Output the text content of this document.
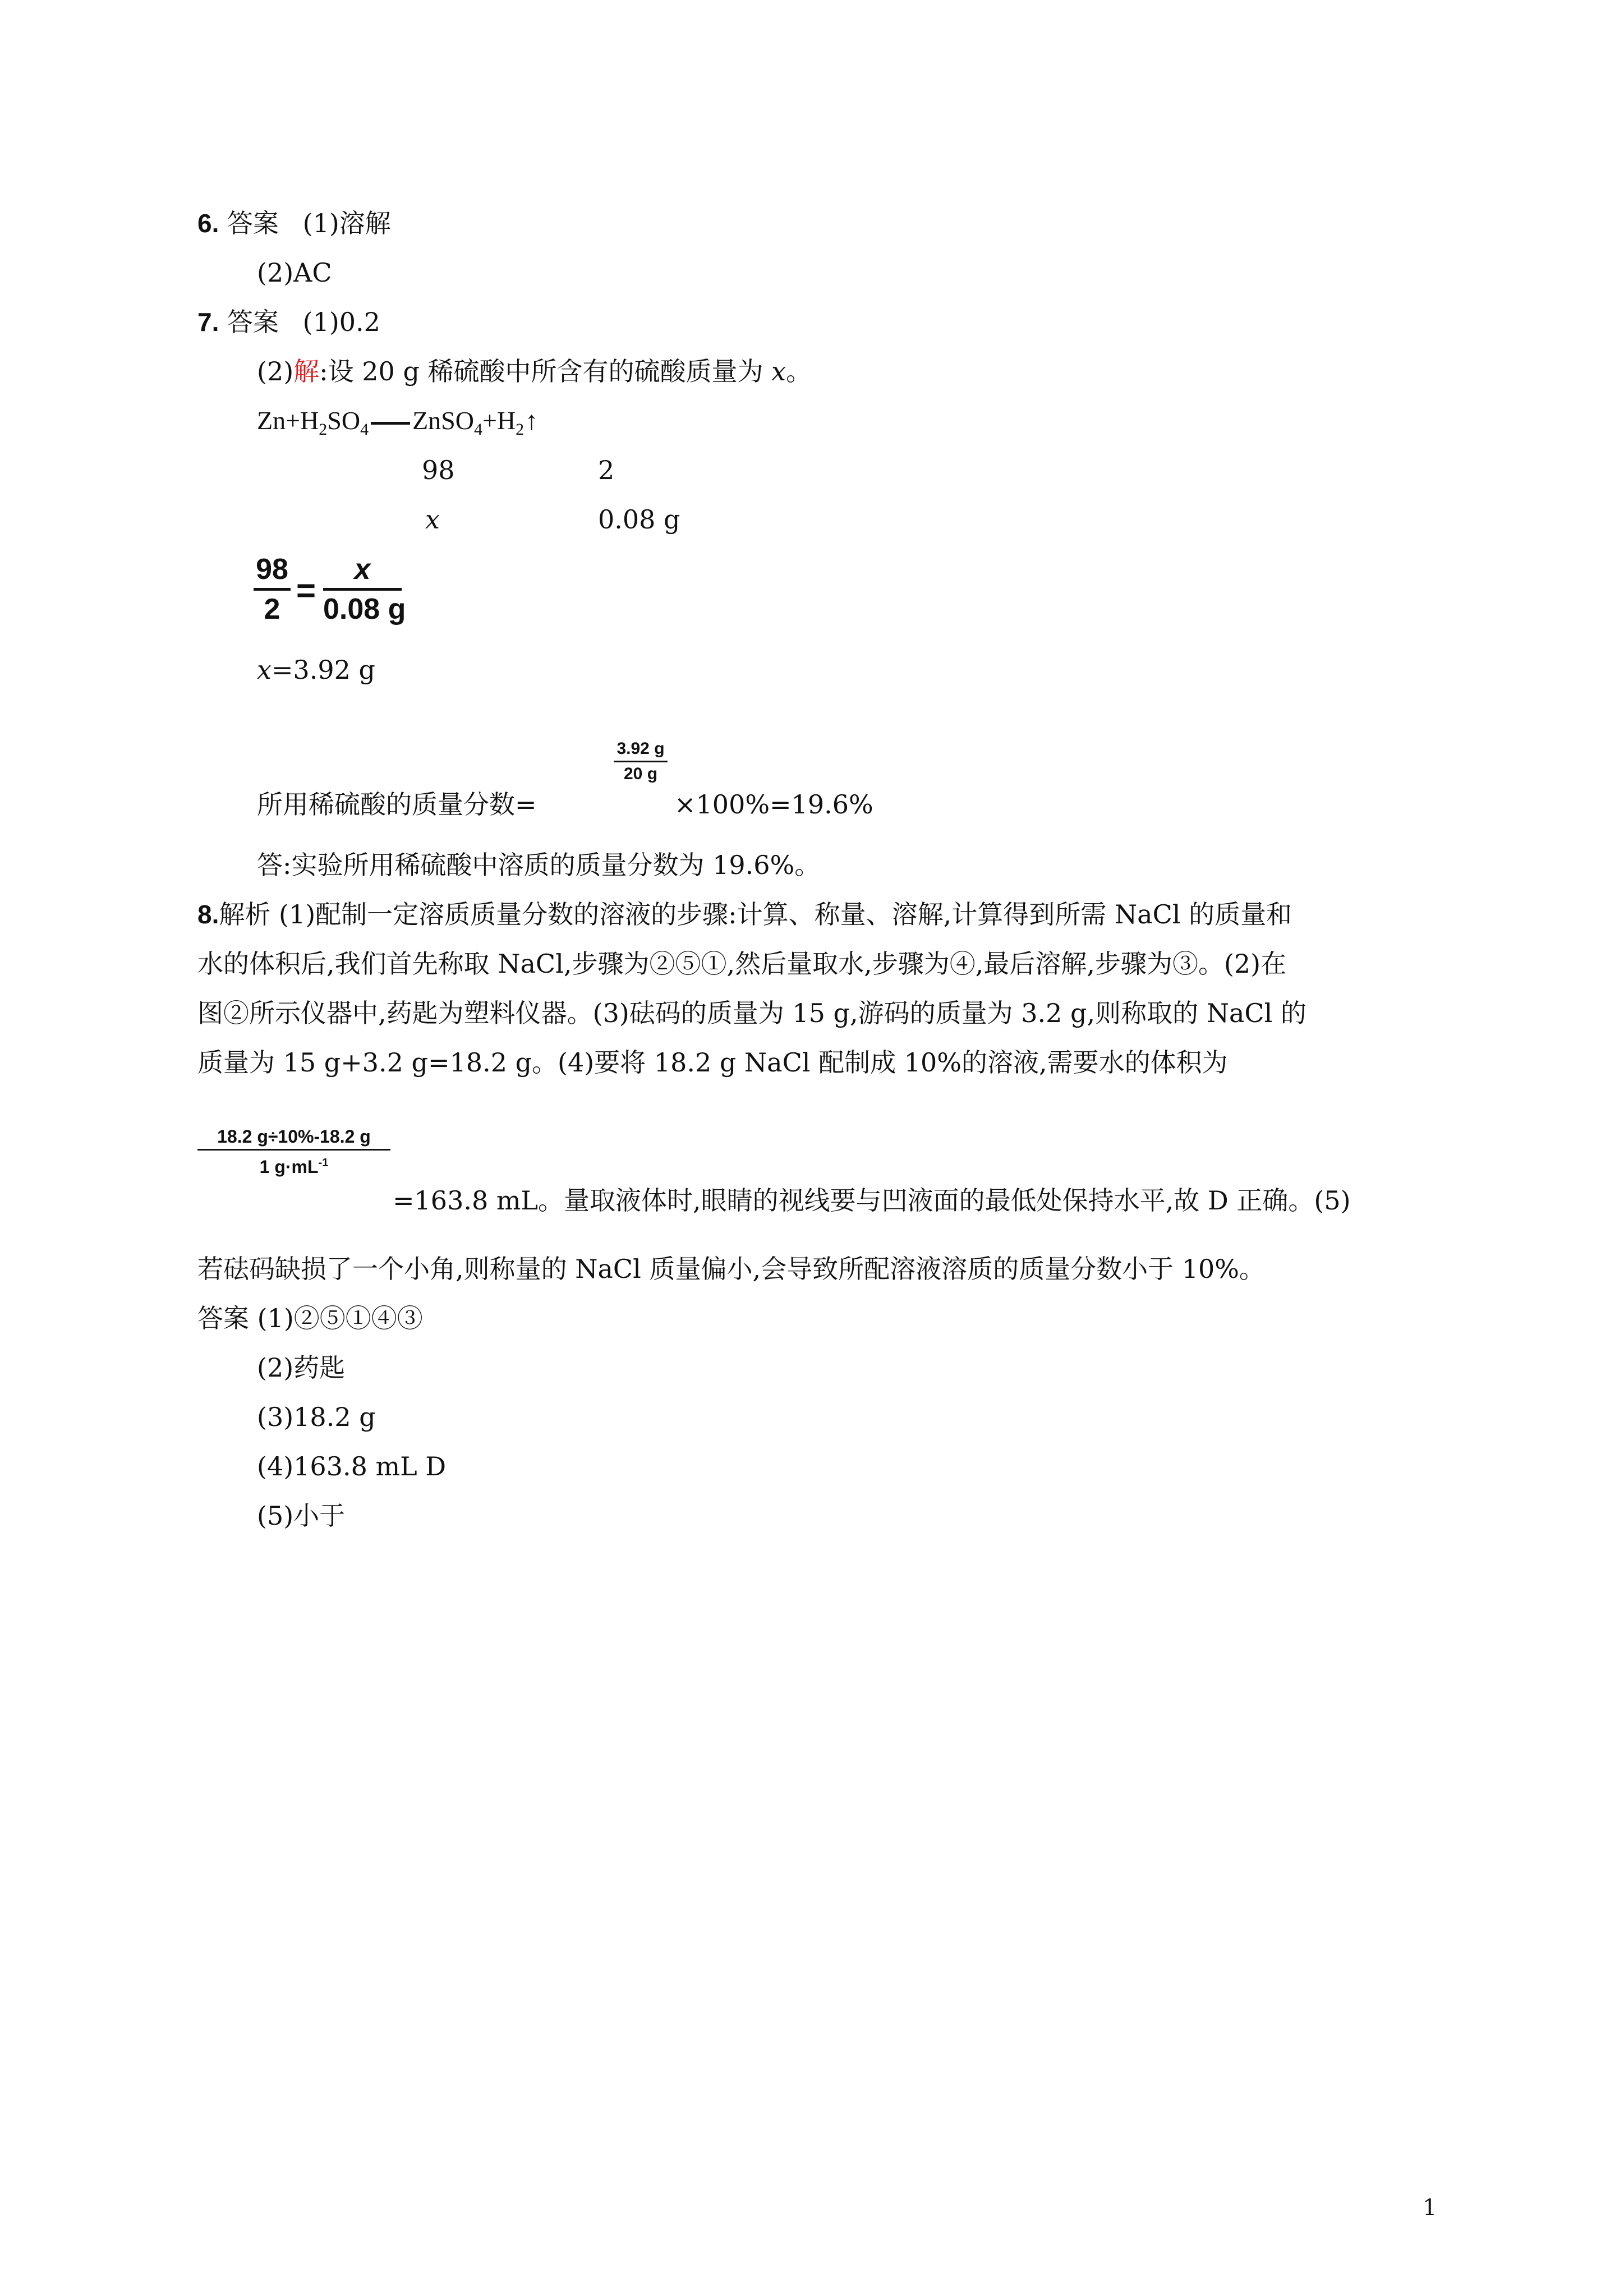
6. 答案 (1)溶解
(2)AC
7. 答案 (1)0.2
(2)解:设 20 g 稀硫酸中所含有的硫酸质量为 x。
$Zn+H_2SO_4$ $ZnSO_4+H_2↑$
98	2
x	0.08 g
98
2 =
x
0.08 g
x=3.92 g
所用稀硫酸的质量分数=
3.92 g
20 g
×100%=19.6%
答:实验所用稀硫酸中溶质的质量分数为 19.6%。
8.解析 (1)配制一定溶质质量分数的溶液的步骤:计算、称量、溶解,计算得到所需 NaCl 的质量和
水的体积后,我们首先称取 NaCl,步骤为②⑤①,然后量取水,步骤为④,最后溶解,步骤为③。(2)在
图②所示仪器中,药匙为塑料仪器。(3)砝码的质量为 15 g,游码的质量为 3.2 g,则称取的 NaCl 的
质量为 15 g+3.2 g=18.2 g。(4)要将 18.2 g NaCl 配制成 10%的溶液,需要水的体积为
18.2 g÷10%-18.2 g
1 $g\cdot mL^{-1}$
=163.8 mL。量取液体时,眼睛的视线要与凹液面的最低处保持水平,故 D 正确。(5)
若砝码缺损了一个小角,则称量的 NaCl 质量偏小,会导致所配溶液溶质的质量分数小于 10%。
答案 (1)②⑤①④③
(2)药匙
(3)18.2 g
(4)163.8 mL D
(5)小于
1
